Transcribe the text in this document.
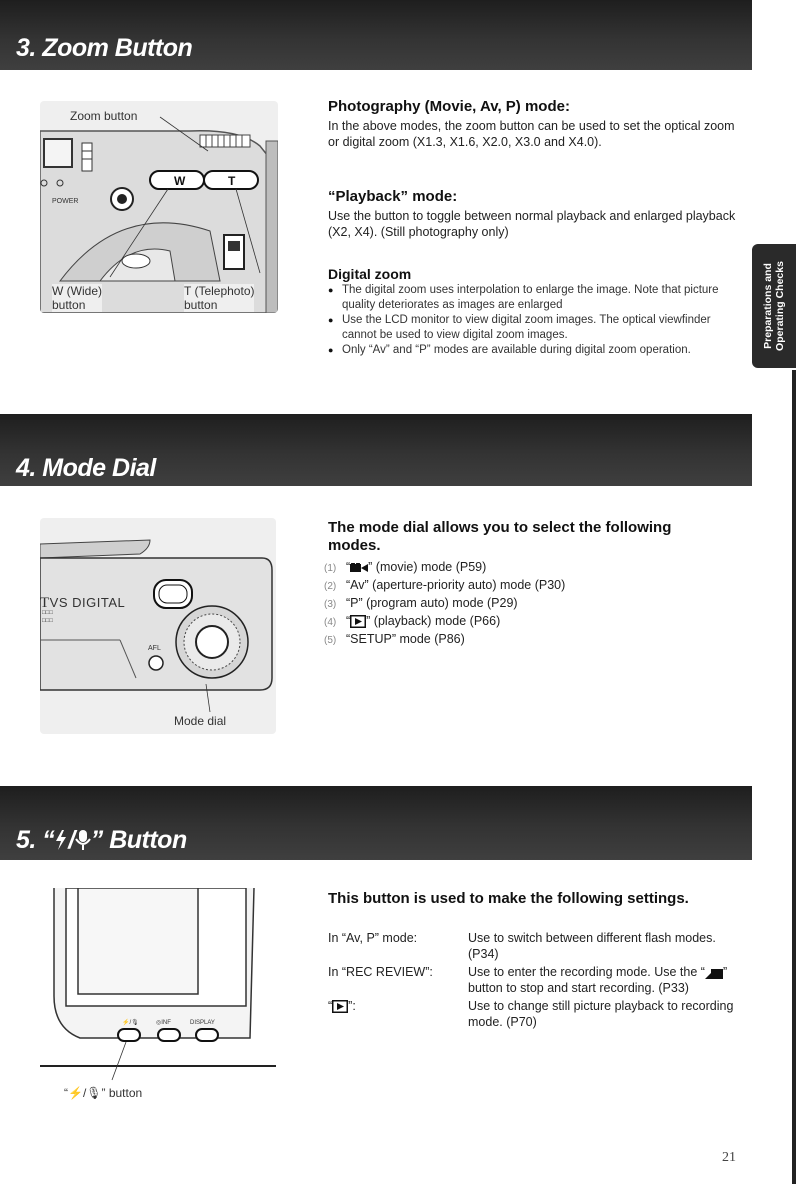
3. Zoom Button
POWER
W	T
Zoom button
W (Wide)
button
T (Telephoto)
button
Photography (Movie, Av, P) mode:
In the above modes, the zoom button can be used to set the optical zoom or digital zoom (X1.3, X1.6, X2.0, X3.0 and X4.0).
“Playback” mode:
Use the button to toggle between normal playback and enlarged playback (X2, X4). (Still photography only)
Digital zoom
● The digital zoom uses interpolation to enlarge the image. Note that picture quality deteriorates as images are enlarged
● Use the LCD monitor to view digital zoom images. The optical viewfinder cannot be used to view digital zoom images.
● Only “Av” and “P” modes are available during digital zoom operation.
Preparations and
Operating Checks
4. Mode Dial
□□□
□□□
AFL
TVS DIGITAL
Mode dial
The mode dial allows you to select the following modes.
(1) “ ” (movie) mode (P59)
(2) “Av” (aperture-priority auto) mode (P30)
(3) “P” (program auto) mode (P29)
(4) “ ” (playback) mode (P66)
(5) “SETUP” mode (P86)
5. “ / ” Button
⚡/🎙	◎INF	DISPLAY
“⚡/🎙” button
This button is used to make the following settings.
In “Av, P” mode:	Use to switch between different flash modes. (P34)
In “REC REVIEW”:	Use to enter the recording mode. Use the “ ” button to stop and start recording. (P33)
“ ”:	Use to change still picture playback to recording mode. (P70)
21
